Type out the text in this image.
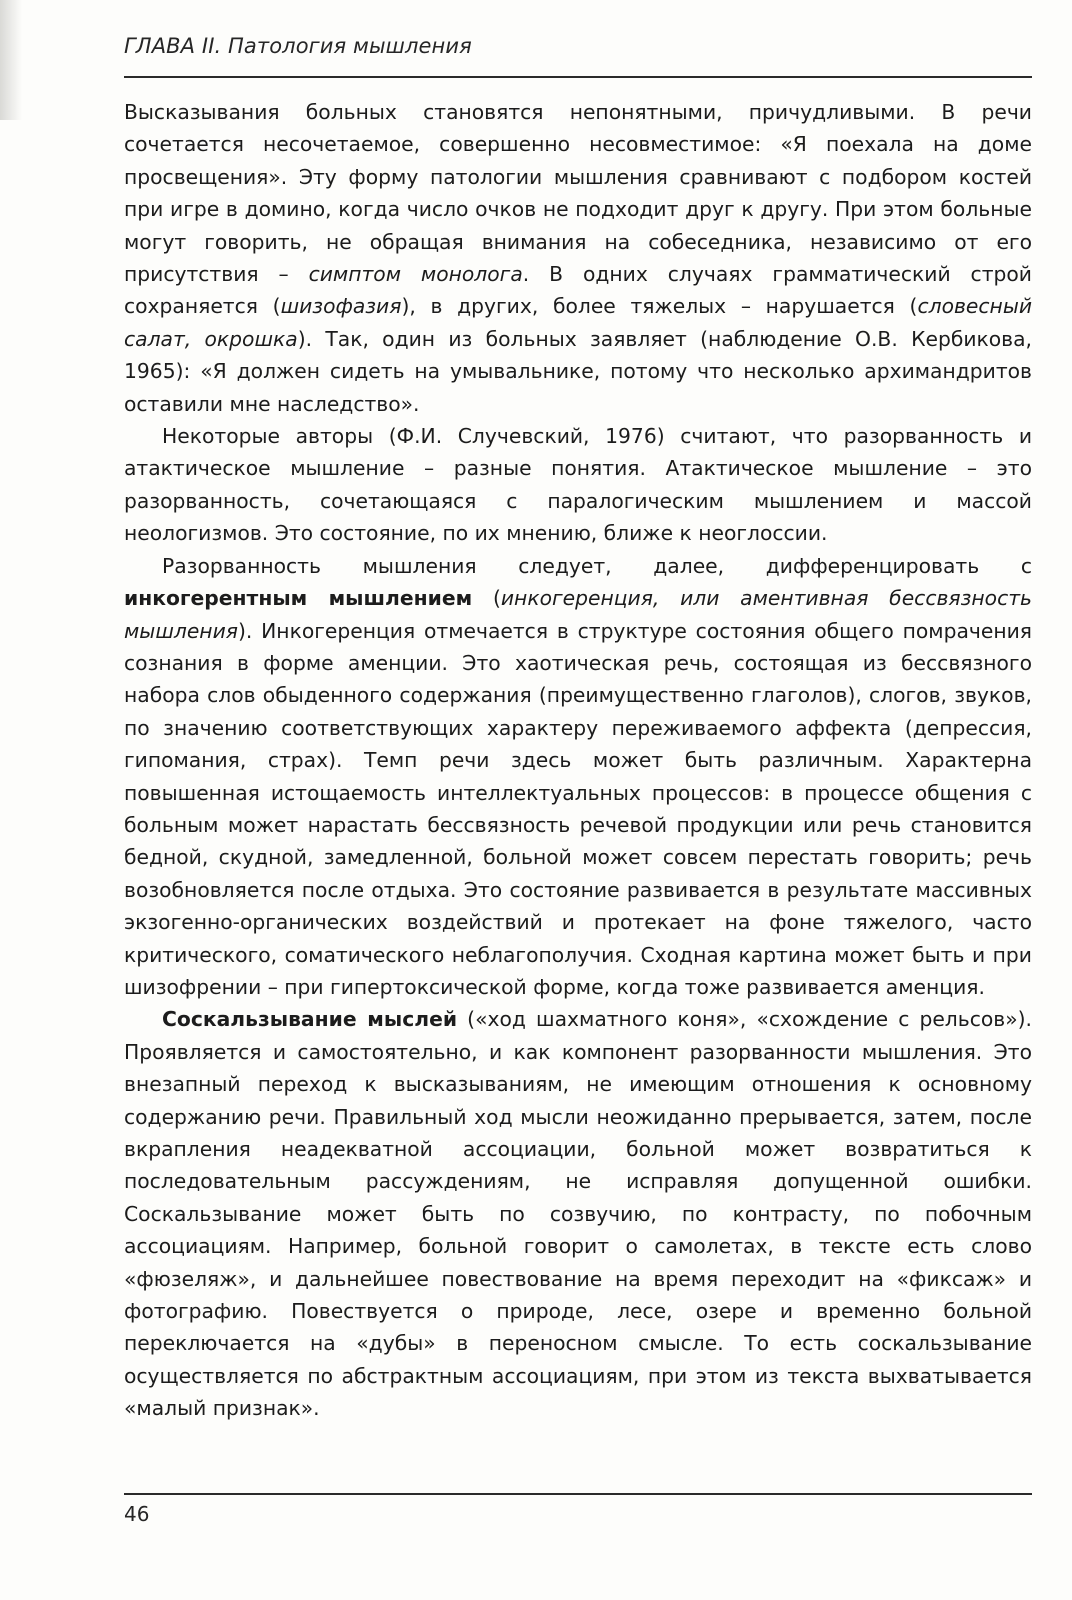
ГЛАВА II. Патология мышления

Высказывания больных становятся непонятными, причудливыми. В речи сочетается несочетаемое, совершенно несовместимое: «Я поехала на доме просвещения». Эту форму патологии мышления сравнивают с подбором костей при игре в домино, когда число очков не подходит друг к другу. При этом больные могут говорить, не обращая внимания на собеседника, независимо от его присутствия – симптом монолога. В одних случаях грамматический строй сохраняется (шизофазия), в других, более тяжелых – нарушается (словесный салат, окрошка). Так, один из больных заявляет (наблюдение О.В. Кербикова, 1965): «Я должен сидеть на умывальнике, потому что несколько архимандритов оставили мне наследство».

Некоторые авторы (Ф.И. Случевский, 1976) считают, что разорванность и атактическое мышление – разные понятия. Атактическое мышление – это разорванность, сочетающаяся с паралогическим мышлением и массой неологизмов. Это состояние, по их мнению, ближе к неоглоссии.

Разорванность мышления следует, далее, дифференцировать с инкогерентным мышлением (инкогеренция, или аментивная бессвязность мышления). Инкогеренция отмечается в структуре состояния общего помрачения сознания в форме аменции. Это хаотическая речь, состоящая из бессвязного набора слов обыденного содержания (преимущественно глаголов), слогов, звуков, по значению соответствующих характеру переживаемого аффекта (депрессия, гипомания, страх). Темп речи здесь может быть различным. Характерна повышенная истощаемость интеллектуальных процессов: в процессе общения с больным может нарастать бессвязность речевой продукции или речь становится бедной, скудной, замедленной, больной может совсем перестать говорить; речь возобновляется после отдыха. Это состояние развивается в результате массивных экзогенно-органических воздействий и протекает на фоне тяжелого, часто критического, соматического неблагополучия. Сходная картина может быть и при шизофрении – при гипертоксической форме, когда тоже развивается аменция.

Соскальзывание мыслей («ход шахматного коня», «схождение с рельсов»). Проявляется и самостоятельно, и как компонент разорванности мышления. Это внезапный переход к высказываниям, не имеющим отношения к основному содержанию речи. Правильный ход мысли неожиданно прерывается, затем, после вкрапления неадекватной ассоциации, больной может возвратиться к последовательным рассуждениям, не исправляя допущенной ошибки. Соскальзывание может быть по созвучию, по контрасту, по побочным ассоциациям. Например, больной говорит о самолетах, в тексте есть слово «фюзеляж», и дальнейшее повествование на время переходит на «фиксаж» и фотографию. Повествуется о природе, лесе, озере и временно больной переключается на «дубы» в переносном смысле. То есть соскальзывание осуществляется по абстрактным ассоциациям, при этом из текста выхватывается «малый признак».

46
